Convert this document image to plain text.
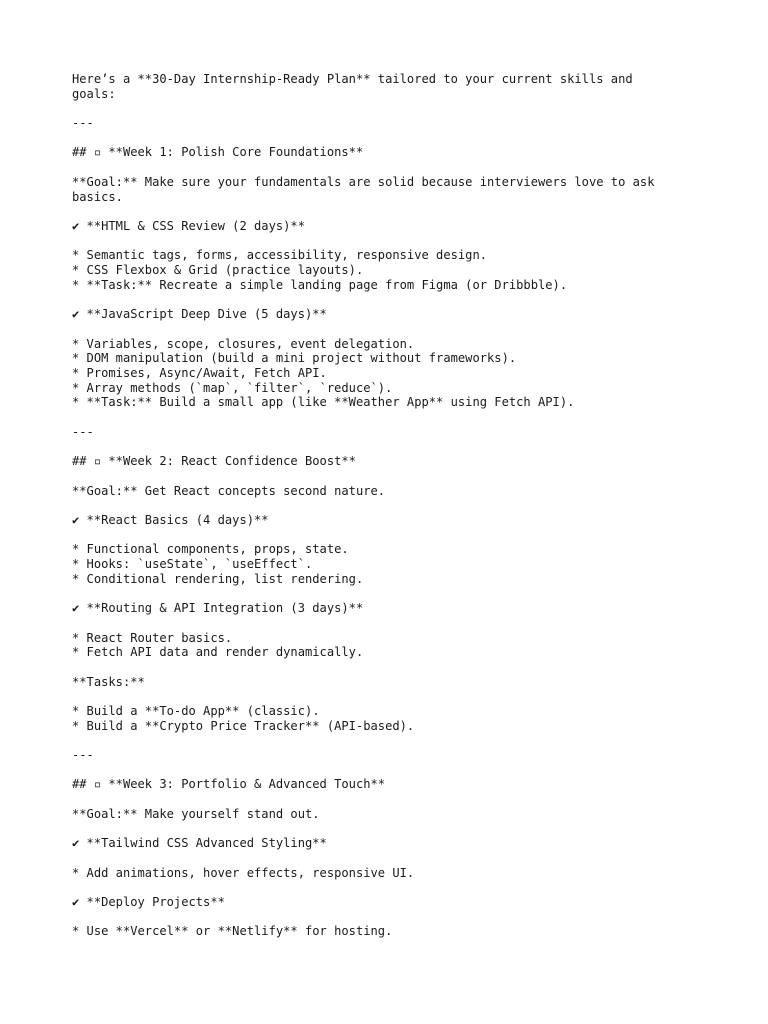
Here’s a **30-Day Internship-Ready Plan** tailored to your current skills and
goals:
---
## ▫ **Week 1: Polish Core Foundations**
**Goal:** Make sure your fundamentals are solid because interviewers love to ask
basics.
✔ **HTML & CSS Review (2 days)**
* Semantic tags, forms, accessibility, responsive design.
* CSS Flexbox & Grid (practice layouts).
* **Task:** Recreate a simple landing page from Figma (or Dribbble).
✔ **JavaScript Deep Dive (5 days)**
* Variables, scope, closures, event delegation.
* DOM manipulation (build a mini project without frameworks).
* Promises, Async/Await, Fetch API.
* Array methods (`map`, `filter`, `reduce`).
* **Task:** Build a small app (like **Weather App** using Fetch API).
---
## ▫ **Week 2: React Confidence Boost**
**Goal:** Get React concepts second nature.
✔ **React Basics (4 days)**
* Functional components, props, state.
* Hooks: `useState`, `useEffect`.
* Conditional rendering, list rendering.
✔ **Routing & API Integration (3 days)**
* React Router basics.
* Fetch API data and render dynamically.
**Tasks:**
* Build a **To-do App** (classic).
* Build a **Crypto Price Tracker** (API-based).
---
## ▫ **Week 3: Portfolio & Advanced Touch**
**Goal:** Make yourself stand out.
✔ **Tailwind CSS Advanced Styling**
* Add animations, hover effects, responsive UI.
✔ **Deploy Projects**
* Use **Vercel** or **Netlify** for hosting.
